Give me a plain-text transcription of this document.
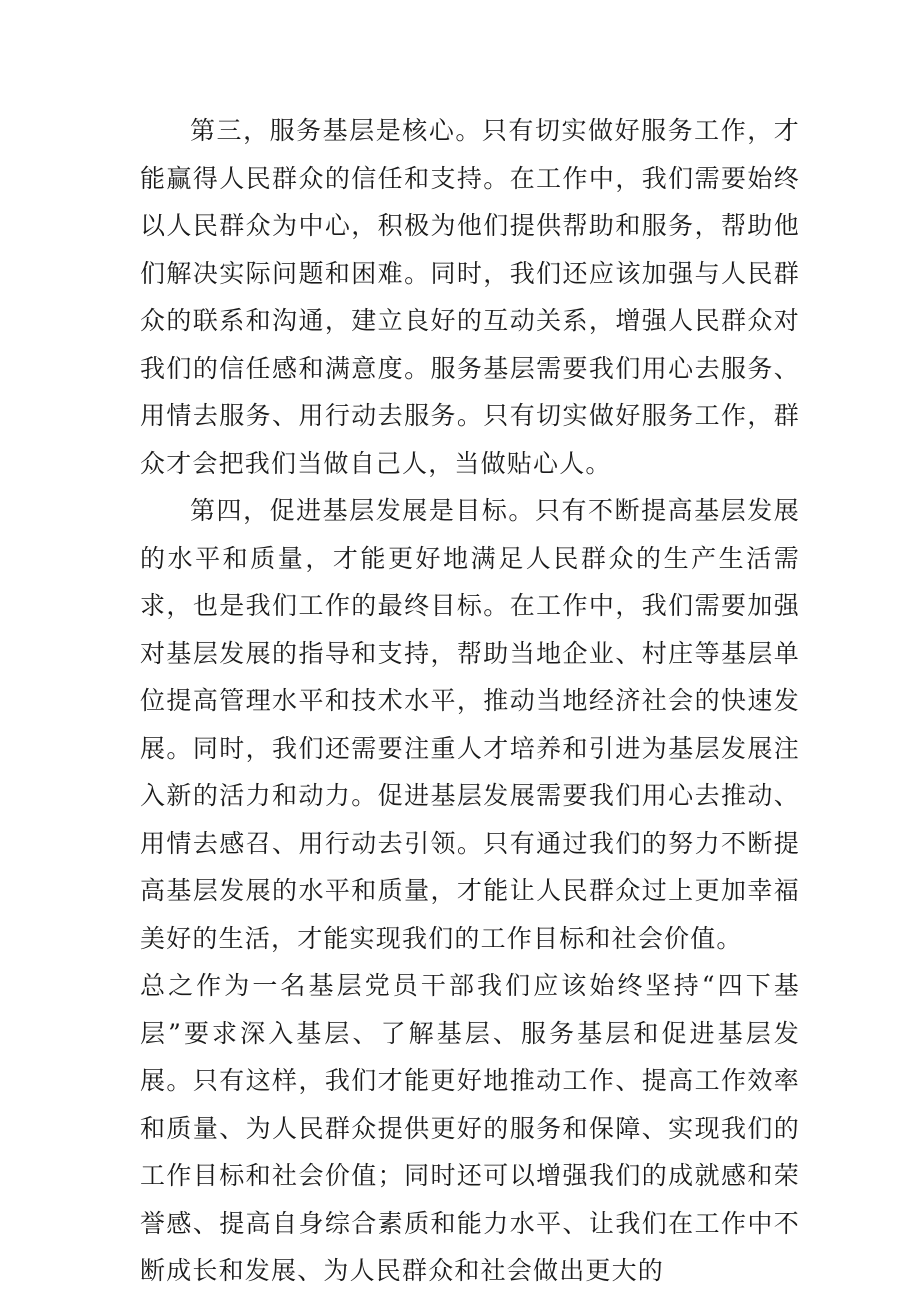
第三，服务基层是核心。只有切实做好服务工作，才能赢得人民群众的信任和支持。在工作中，我们需要始终以人民群众为中心，积极为他们提供帮助和服务，帮助他们解决实际问题和困难。同时，我们还应该加强与人民群众的联系和沟通，建立良好的互动关系，增强人民群众对我们的信任感和满意度。服务基层需要我们用心去服务、用情去服务、用行动去服务。只有切实做好服务工作，群众才会把我们当做自己人，当做贴心人。

第四，促进基层发展是目标。只有不断提高基层发展的水平和质量，才能更好地满足人民群众的生产生活需求，也是我们工作的最终目标。在工作中，我们需要加强对基层发展的指导和支持，帮助当地企业、村庄等基层单位提高管理水平和技术水平，推动当地经济社会的快速发展。同时，我们还需要注重人才培养和引进为基层发展注入新的活力和动力。促进基层发展需要我们用心去推动、用情去感召、用行动去引领。只有通过我们的努力不断提高基层发展的水平和质量，才能让人民群众过上更加幸福美好的生活，才能实现我们的工作目标和社会价值。

总之作为一名基层党员干部我们应该始终坚持“四下基层”要求深入基层、了解基层、服务基层和促进基层发展。只有这样，我们才能更好地推动工作、提高工作效率和质量、为人民群众提供更好的服务和保障、实现我们的工作目标和社会价值；同时还可以增强我们的成就感和荣誉感、提高自身综合素质和能力水平、让我们在工作中不断成长和发展、为人民群众和社会做出更大的
